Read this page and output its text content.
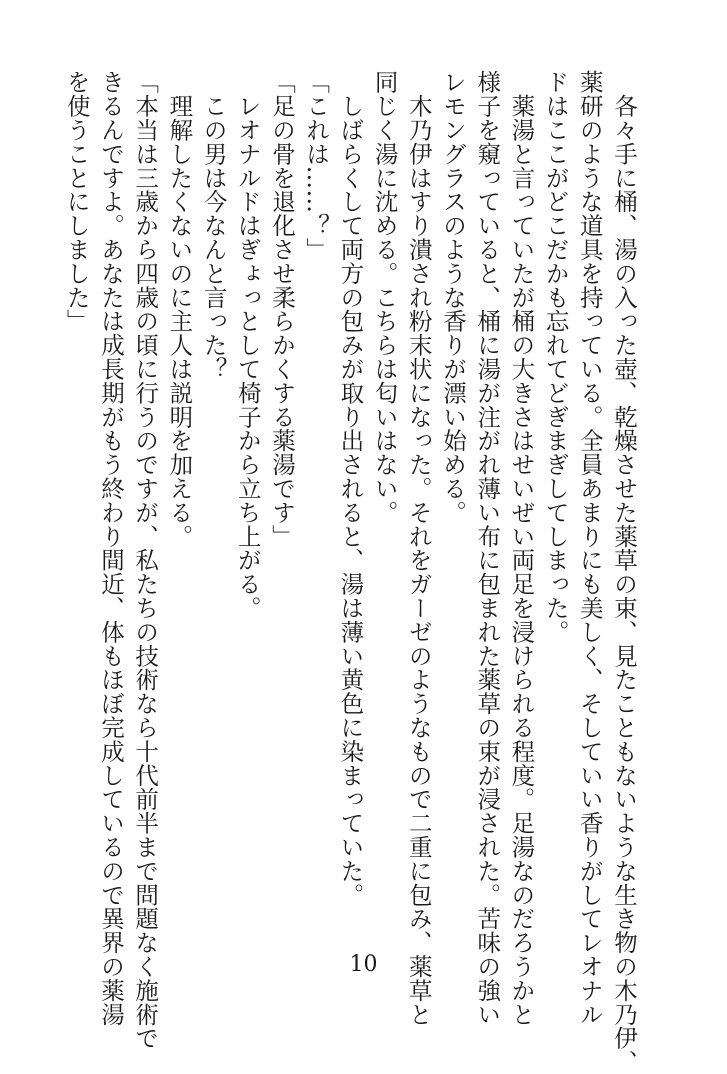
　各々手に桶、湯の入った壺、乾燥させた薬草の束、見たこともないような生き物の木乃伊、
薬研のような道具を持っている。全員あまりにも美しく、そしていい香りがしてレオナル
ドはここがどこだかも忘れてどぎまぎしてしまった。
　薬湯と言っていたが桶の大きさはせいぜい両足を浸けられる程度。足湯なのだろうかと
様子を窺っていると、桶に湯が注がれ薄い布に包まれた薬草の束が浸された。苦味の強い
レモングラスのような香りが漂い始める。
　木乃伊はすり潰され粉末状になった。それをガーゼのようなもので二重に包み、薬草と
同じく湯に沈める。こちらは匂いはない。
　しばらくして両方の包みが取り出されると、湯は薄い黄色に染まっていた。
「これは……？」
「足の骨を退化させ柔らかくする薬湯です」
　レオナルドはぎょっとして椅子から立ち上がる。
　この男は今なんと言った？
　理解したくないのに主人は説明を加える。
「本当は三歳から四歳の頃に行うのですが、私たちの技術なら十代前半まで問題なく施術で
きるんですよ。あなたは成長期がもう終わり間近、体もほぼ完成しているので異界の薬湯
を使うことにしました」
10
